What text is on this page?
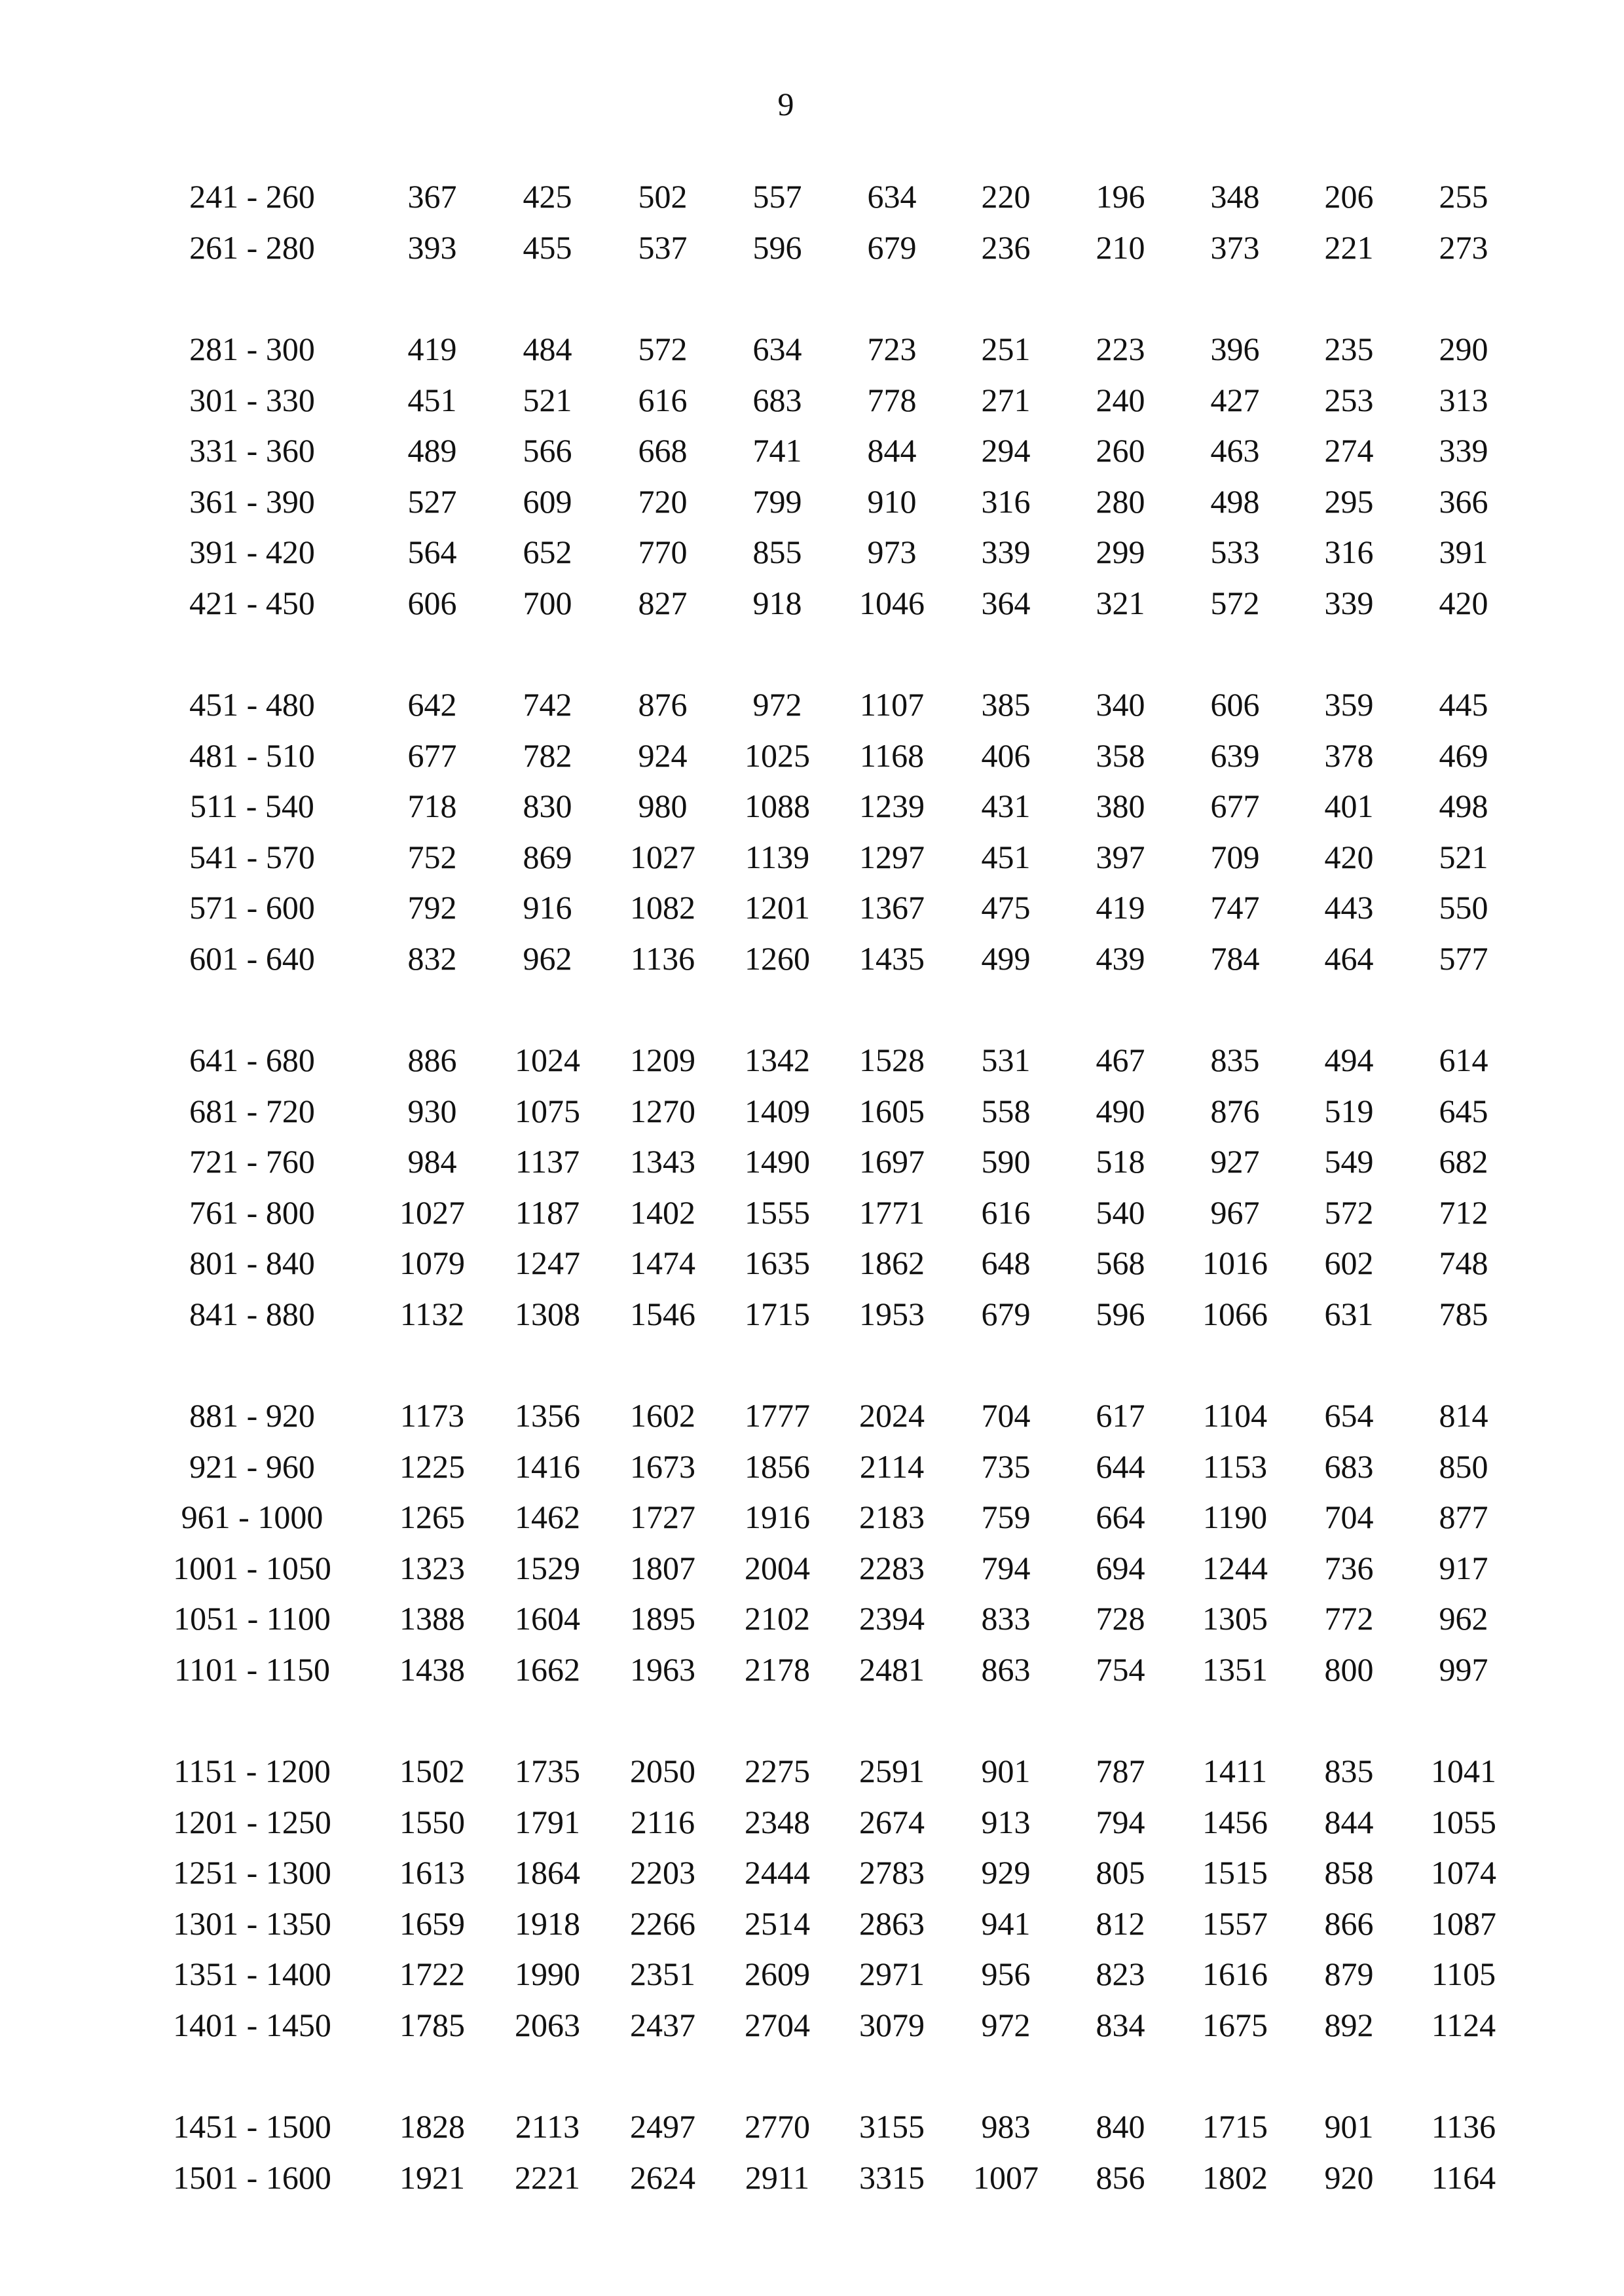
9
241 - 260	367	425	502	557	634	220	196	348	206	255
261 - 280	393	455	537	596	679	236	210	373	221	273
281 - 300	419	484	572	634	723	251	223	396	235	290
301 - 330	451	521	616	683	778	271	240	427	253	313
331 - 360	489	566	668	741	844	294	260	463	274	339
361 - 390	527	609	720	799	910	316	280	498	295	366
391 - 420	564	652	770	855	973	339	299	533	316	391
421 - 450	606	700	827	918	1046	364	321	572	339	420
451 - 480	642	742	876	972	1107	385	340	606	359	445
481 - 510	677	782	924	1025	1168	406	358	639	378	469
511 - 540	718	830	980	1088	1239	431	380	677	401	498
541 - 570	752	869	1027	1139	1297	451	397	709	420	521
571 - 600	792	916	1082	1201	1367	475	419	747	443	550
601 - 640	832	962	1136	1260	1435	499	439	784	464	577
641 - 680	886	1024	1209	1342	1528	531	467	835	494	614
681 - 720	930	1075	1270	1409	1605	558	490	876	519	645
721 - 760	984	1137	1343	1490	1697	590	518	927	549	682
761 - 800	1027	1187	1402	1555	1771	616	540	967	572	712
801 - 840	1079	1247	1474	1635	1862	648	568	1016	602	748
841 - 880	1132	1308	1546	1715	1953	679	596	1066	631	785
881 - 920	1173	1356	1602	1777	2024	704	617	1104	654	814
921 - 960	1225	1416	1673	1856	2114	735	644	1153	683	850
961 - 1000	1265	1462	1727	1916	2183	759	664	1190	704	877
1001 - 1050	1323	1529	1807	2004	2283	794	694	1244	736	917
1051 - 1100	1388	1604	1895	2102	2394	833	728	1305	772	962
1101 - 1150	1438	1662	1963	2178	2481	863	754	1351	800	997
1151 - 1200	1502	1735	2050	2275	2591	901	787	1411	835	1041
1201 - 1250	1550	1791	2116	2348	2674	913	794	1456	844	1055
1251 - 1300	1613	1864	2203	2444	2783	929	805	1515	858	1074
1301 - 1350	1659	1918	2266	2514	2863	941	812	1557	866	1087
1351 - 1400	1722	1990	2351	2609	2971	956	823	1616	879	1105
1401 - 1450	1785	2063	2437	2704	3079	972	834	1675	892	1124
1451 - 1500	1828	2113	2497	2770	3155	983	840	1715	901	1136
1501 - 1600	1921	2221	2624	2911	3315	1007	856	1802	920	1164
